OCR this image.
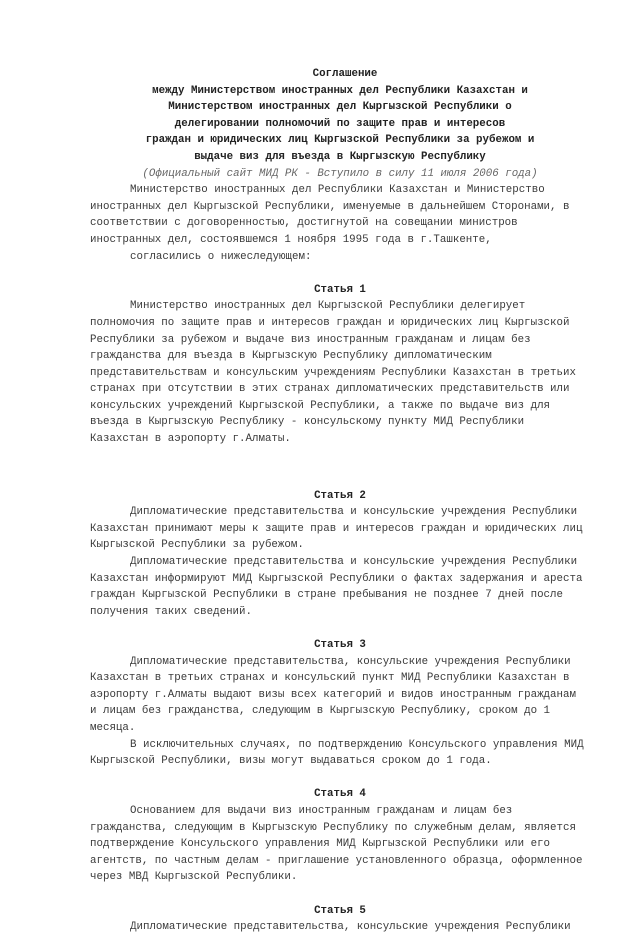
Соглашение
между Министерством иностранных дел Республики Казахстан и
Министерством иностранных дел Кыргызской Республики о
делегировании полномочий по защите прав и интересов
граждан и юридических лиц Кыргызской Республики за рубежом и
выдаче виз для въезда в Кыргызскую Республику
(Официальный сайт МИД РК - Вступило в силу 11 июля 2006 года)
Министерство иностранных дел Республики Казахстан и Министерство
иностранных дел Кыргызской Республики, именуемые в дальнейшем Сторонами, в
соответствии с договоренностью, достигнутой на совещании министров
иностранных дел, состоявшемся 1 ноября 1995 года в г.Ташкенте,
согласились о нижеследующем:
Статья 1
Министерство иностранных дел Кыргызской Республики делегирует
полномочия по защите прав и интересов граждан и юридических лиц Кыргызской
Республики за рубежом и выдаче виз иностранным гражданам и лицам без
гражданства для въезда в Кыргызскую Республику дипломатическим
представительствам и консульским учреждениям Республики Казахстан в третьих
странах при отсутствии в этих странах дипломатических представительств или
консульских учреждений Кыргызской Республики, а также по выдаче виз для
въезда в Кыргызскую Республику - консульскому пункту МИД Республики
Казахстан в аэропорту г.Алматы.
Статья 2
Дипломатические представительства и консульские учреждения Республики
Казахстан принимают меры к защите прав и интересов граждан и юридических лиц
Кыргызской Республики за рубежом.
Дипломатические представительства и консульские учреждения Республики
Казахстан информируют МИД Кыргызской Республики о фактах задержания и ареста
граждан Кыргызской Республики в стране пребывания не позднее 7 дней после
получения таких сведений.
Статья 3
Дипломатические представительства, консульские учреждения Республики
Казахстан в третьих странах и консульский пункт МИД Республики Казахстан в
аэропорту г.Алматы выдают визы всех категорий и видов иностранным гражданам
и лицам без гражданства, следующим в Кыргызскую Республику, сроком до 1
месяца.
В исключительных случаях, по подтверждению Консульского управления МИД
Кыргызской Республики, визы могут выдаваться сроком до 1 года.
Статья 4
Основанием для выдачи виз иностранным гражданам и лицам без
гражданства, следующим в Кыргызскую Республику по служебным делам, является
подтверждение Консульского управления МИД Кыргызской Республики или его
агентств, по частным делам - приглашение установленного образца, оформленное
через МВД Кыргызской Республики.
Статья 5
Дипломатические представительства, консульские учреждения Республики
